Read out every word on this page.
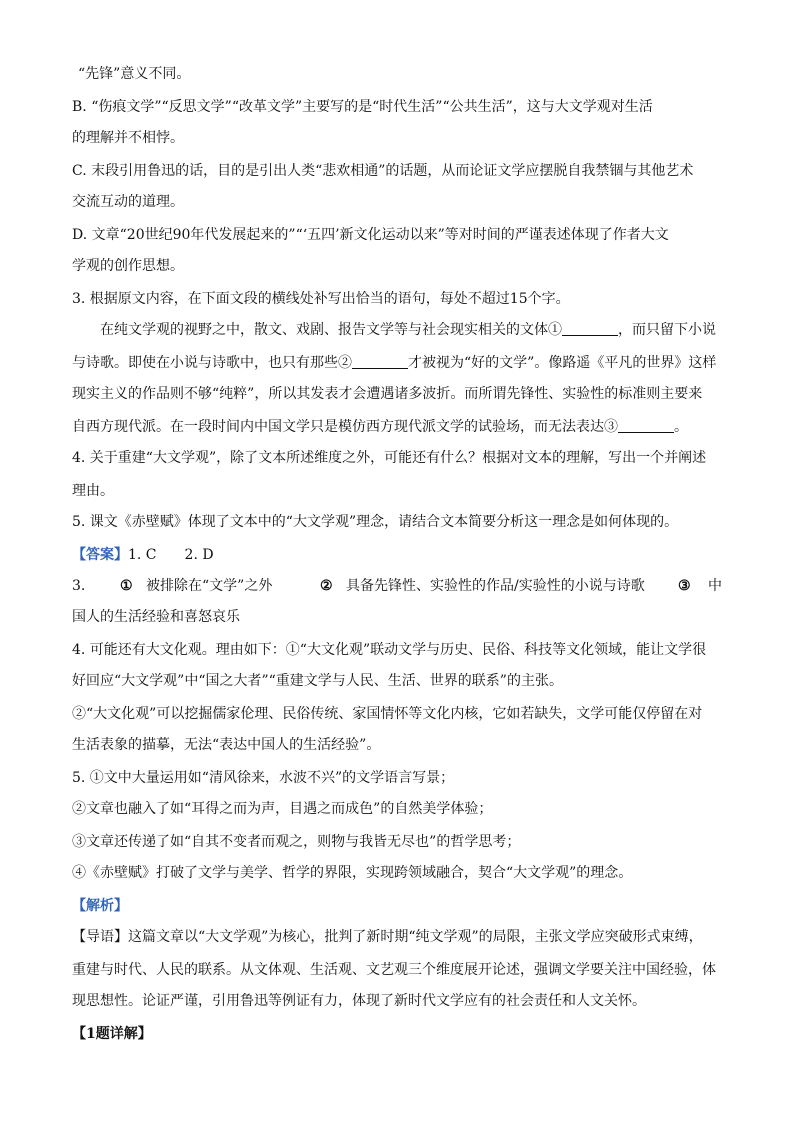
“先锋”意义不同。
B. “伤痕文学”“反思文学”“改革文学”主要写的是“时代生活”“公共生活”，这与大文学观对生活
的理解并不相悖。
C. 末段引用鲁迅的话，目的是引出人类“悲欢相通”的话题，从而论证文学应摆脱自我禁锢与其他艺术
交流互动的道理。
D. 文章“20世纪90年代发展起来的”“‘五四’新文化运动以来”等对时间的严谨表述体现了作者大文
学观的创作思想。
3. 根据原文内容，在下面文段的横线处补写出恰当的语句，每处不超过15个字。
在纯文学观的视野之中，散文、戏剧、报告文学等与社会现实相关的文体①	，而只留下小说
与诗歌。即使在小说与诗歌中，也只有那些②	才被视为“好的文学”。像路遥《平凡的世界》这样
现实主义的作品则不够“纯粹”，所以其发表才会遭遇诸多波折。而所谓先锋性、实验性的标准则主要来
自西方现代派。在一段时间内中国文学只是模仿西方现代派文学的试验场，而无法表达③	。
4. 关于重建“大文学观”，除了文本所述维度之外，可能还有什么？根据对文本的理解，写出一个并阐述
理由。
5. 课文《赤壁赋》体现了文本中的“大文学观”理念，请结合文本简要分析这一理念是如何体现的。
【答案】1. C 2. D
3. ① 被排除在“文学”之外	② 具备先锋性、实验性的作品/实验性的小说与诗歌 ③ 中
国人的生活经验和喜怒哀乐
4. 可能还有大文化观。理由如下：①“大文化观”联动文学与历史、民俗、科技等文化领域，能让文学很
好回应“大文学观”中“国之大者”“重建文学与人民、生活、世界的联系”的主张。
②“大文化观”可以挖掘儒家伦理、民俗传统、家国情怀等文化内核，它如若缺失，文学可能仅停留在对
生活表象的描摹，无法“表达中国人的生活经验”。
5. ①文中大量运用如“清风徐来，水波不兴”的文学语言写景；
②文章也融入了如“耳得之而为声，目遇之而成色”的自然美学体验；
③文章还传递了如“自其不变者而观之，则物与我皆无尽也”的哲学思考；
④《赤壁赋》打破了文学与美学、哲学的界限，实现跨领域融合，契合“大文学观”的理念。
【解析】
【导语】这篇文章以“大文学观”为核心，批判了新时期“纯文学观”的局限，主张文学应突破形式束缚，
重建与时代、人民的联系。从文体观、生活观、文艺观三个维度展开论述，强调文学要关注中国经验，体
现思想性。论证严谨，引用鲁迅等例证有力，体现了新时代文学应有的社会责任和人文关怀。
【1题详解】
